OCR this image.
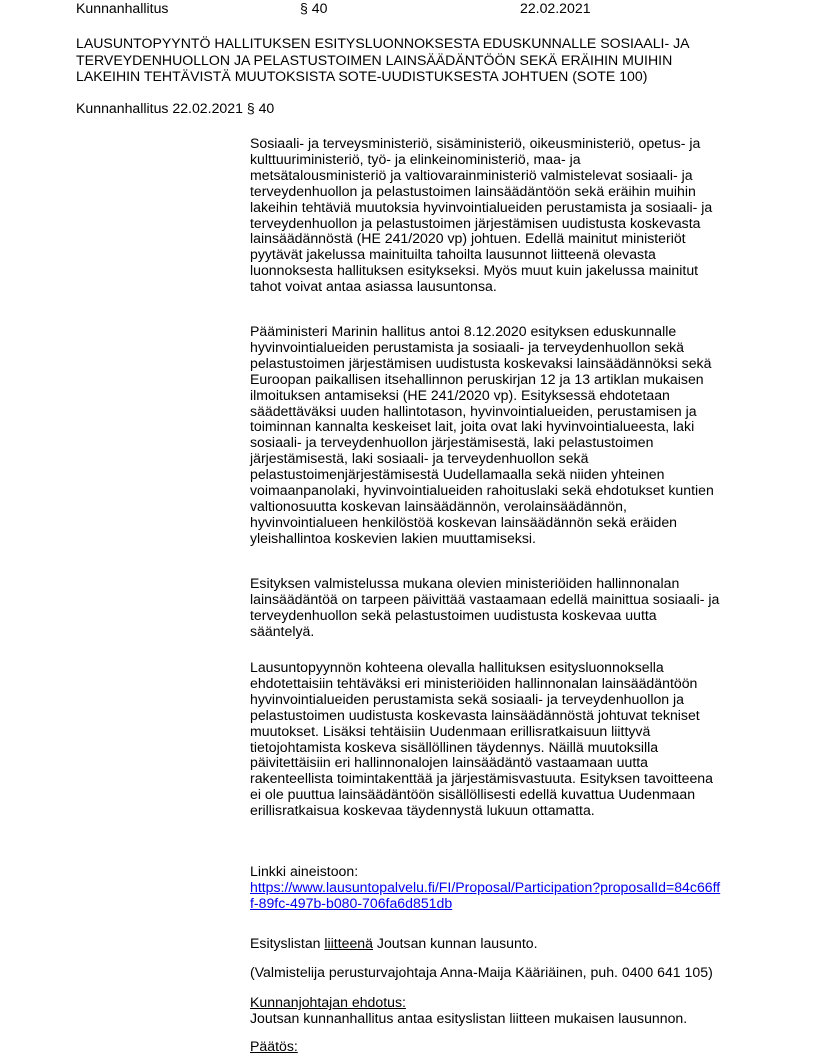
Kunnanhallitus	§ 40	22.02.2021
LAUSUNTOPYYNTÖ HALLITUKSEN ESITYSLUONNOKSESTA EDUSKUNNALLE SOSIAALI- JA
TERVEYDENHUOLLON JA PELASTUSTOIMEN LAINSÄÄDÄNTÖÖN SEKÄ ERÄIHIN MUIHIN
LAKEIHIN TEHTÄVISTÄ MUUTOKSISTA SOTE-UUDISTUKSESTA JOHTUEN (SOTE 100)
Kunnanhallitus 22.02.2021 § 40
Sosiaali- ja terveysministeriö, sisäministeriö, oikeusministeriö, opetus- ja
kulttuuriministeriö, työ- ja elinkeinoministeriö, maa- ja
metsätalousministeriö ja valtiovarainministeriö valmistelevat sosiaali- ja
terveydenhuollon ja pelastustoimen lainsäädäntöön sekä eräihin muihin
lakeihin tehtäviä muutoksia hyvinvointialueiden perustamista ja sosiaali- ja
terveydenhuollon ja pelastustoimen järjestämisen uudistusta koskevasta
lainsäädännöstä (HE 241/2020 vp) johtuen. Edellä mainitut ministeriöt
pyytävät jakelussa mainituilta tahoilta lausunnot liitteenä olevasta
luonnoksesta hallituksen esitykseksi. Myös muut kuin jakelussa mainitut
tahot voivat antaa asiassa lausuntonsa.
Pääministeri Marinin hallitus antoi 8.12.2020 esityksen eduskunnalle
hyvinvointialueiden perustamista ja sosiaali- ja terveydenhuollon sekä
pelastustoimen järjestämisen uudistusta koskevaksi lainsäädännöksi sekä
Euroopan paikallisen itsehallinnon peruskirjan 12 ja 13 artiklan mukaisen
ilmoituksen antamiseksi (HE 241/2020 vp). Esityksessä ehdotetaan
säädettäväksi uuden hallintotason, hyvinvointialueiden, perustamisen ja
toiminnan kannalta keskeiset lait, joita ovat laki hyvinvointialueesta, laki
sosiaali- ja terveydenhuollon järjestämisestä, laki pelastustoimen
järjestämisestä, laki sosiaali- ja terveydenhuollon sekä
pelastustoimenjärjestämisestä Uudellamaalla sekä niiden yhteinen
voimaanpanolaki, hyvinvointialueiden rahoituslaki sekä ehdotukset kuntien
valtionosuutta koskevan lainsäädännön, verolainsäädännön,
hyvinvointialueen henkilöstöä koskevan lainsäädännön sekä eräiden
yleishallintoa koskevien lakien muuttamiseksi.
Esityksen valmistelussa mukana olevien ministeriöiden hallinnonalan
lainsäädäntöä on tarpeen päivittää vastaamaan edellä mainittua sosiaali- ja
terveydenhuollon sekä pelastustoimen uudistusta koskevaa uutta
sääntelyä.
Lausuntopyynnön kohteena olevalla hallituksen esitysluonnoksella
ehdotettaisiin tehtäväksi eri ministeriöiden hallinnonalan lainsäädäntöön
hyvinvointialueiden perustamista sekä sosiaali- ja terveydenhuollon ja
pelastustoimen uudistusta koskevasta lainsäädännöstä johtuvat tekniset
muutokset. Lisäksi tehtäisiin Uudenmaan erillisratkaisuun liittyvä
tietojohtamista koskeva sisällöllinen täydennys. Näillä muutoksilla
päivitettäisiin eri hallinnonalojen lainsäädäntö vastaamaan uutta
rakenteellista toimintakenttää ja järjestämisvastuuta. Esityksen tavoitteena
ei ole puuttua lainsäädäntöön sisällöllisesti edellä kuvattua Uudenmaan
erillisratkaisua koskevaa täydennystä lukuun ottamatta.
Linkki aineistoon:
https://www.lausuntopalvelu.fi/FI/Proposal/Participation?proposalId=84c66ff
f-89fc-497b-b080-706fa6d851db
Esityslistan liitteenä Joutsan kunnan lausunto.
(Valmistelija perusturvajohtaja Anna-Maija Kääriäinen, puh. 0400 641 105)
Kunnanjohtajan ehdotus:
Joutsan kunnanhallitus antaa esityslistan liitteen mukaisen lausunnon.
Päätös:
